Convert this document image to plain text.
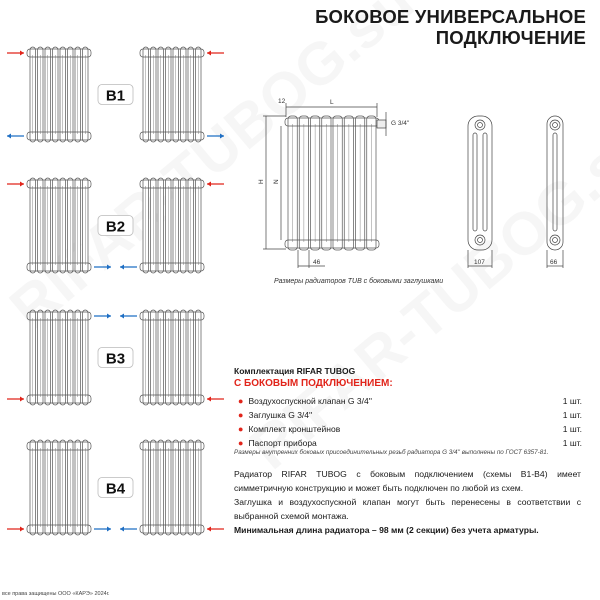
БОКОВОЕ УНИВЕРСАЛЬНОЕ
ПОДКЛЮЧЕНИЕ
B1
B2
B3
B4
L
12
H N
46
G 3/4''
107	66
Размеры радиаторов TUB с боковыми заглушками
Комплектация RIFAR TUBOG
С БОКОВЫМ ПОДКЛЮЧЕНИЕМ:
● Воздухоспускной клапан G 3/4''	1 шт.
● Заглушка G 3/4''	1 шт.
● Комплект кронштейнов	1 шт.
● Паспорт прибора	1 шт.
Размеры внутренних боковых присоединительных резьб радиатора G 3/4'' выполнены по ГОСТ 6357-81.
Радиатор RIFAR TUBOG с боковым подключением (схемы В1-В4) имеет симметричную конструкцию и может быть подключен по любой из схем.
Заглушка и воздухоспускной клапан могут быть перенесены в соответствии с выбранной схемой монтажа.
Минимальная длина радиатора – 98 мм (2 секции) без учета арматуры.
все права защищены ООО «КАРЭ» 2024г.
